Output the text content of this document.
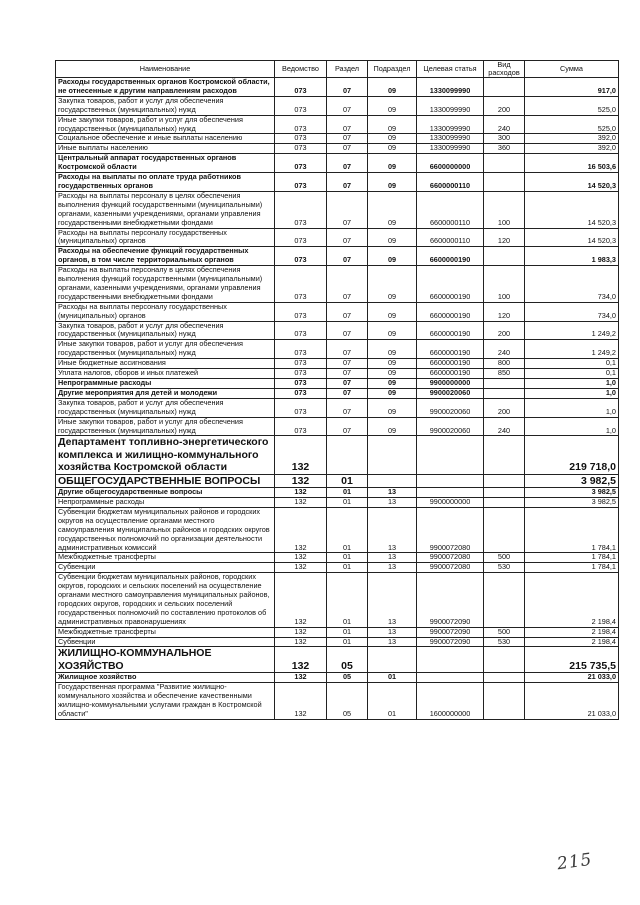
Наименование	Ведомство	Раздел	Подраздел	Целевая статья	Вид расходов	Сумма
Расходы государственных органов Костромской области, не отнесенные к другим направлениям расходов	073	07	09	1330099990		917,0
Закупка товаров, работ и услуг для обеспечения государственных (муниципальных) нужд	073	07	09	1330099990	200	525,0
Иные закупки товаров, работ и услуг для обеспечения государственных (муниципальных) нужд	073	07	09	1330099990	240	525,0
Социальное обеспечение и иные выплаты населению	073	07	09	1330099990	300	392,0
Иные выплаты населению	073	07	09	1330099990	360	392,0
Центральный аппарат государственных органов Костромской области	073	07	09	6600000000		16 503,6
Расходы на выплаты по оплате труда работников государственных органов	073	07	09	6600000110		14 520,3
Расходы на выплаты персоналу в целях обеспечения выполнения функций государственными (муниципальными) органами, казенными учреждениями, органами управления государственными внебюджетными фондами	073	07	09	6600000110	100	14 520,3
Расходы на выплаты персоналу государственных (муниципальных) органов	073	07	09	6600000110	120	14 520,3
Расходы на обеспечение функций государственных органов, в том числе территориальных органов	073	07	09	6600000190		1 983,3
Расходы на выплаты персоналу в целях обеспечения выполнения функций государственными (муниципальными) органами, казенными учреждениями, органами управления государственными внебюджетными фондами	073	07	09	6600000190	100	734,0
Расходы на выплаты персоналу государственных (муниципальных) органов	073	07	09	6600000190	120	734,0
Закупка товаров, работ и услуг для обеспечения государственных (муниципальных) нужд	073	07	09	6600000190	200	1 249,2
Иные закупки товаров, работ и услуг для обеспечения государственных (муниципальных) нужд	073	07	09	6600000190	240	1 249,2
Иные бюджетные ассигнования	073	07	09	6600000190	800	0,1
Уплата налогов, сборов и иных платежей	073	07	09	6600000190	850	0,1
Непрограммные расходы	073	07	09	9900000000		1,0
Другие мероприятия для детей и молодежи	073	07	09	9900020060		1,0
Закупка товаров, работ и услуг для обеспечения государственных (муниципальных) нужд	073	07	09	9900020060	200	1,0
Иные закупки товаров, работ и услуг для обеспечения государственных (муниципальных) нужд	073	07	09	9900020060	240	1,0
Департамент топливно-энергетического комплекса и жилищно-коммунального хозяйства Костромской области	132					219 718,0
ОБЩЕГОСУДАРСТВЕННЫЕ ВОПРОСЫ	132	01				3 982,5
Другие общегосударственные вопросы	132	01	13			3 982,5
Непрограммные расходы	132	01	13	9900000000		3 982,5
Субвенции бюджетам муниципальных районов и городских округов на осуществление органами местного самоуправления муниципальных районов и городских округов государственных полномочий по организации деятельности административных комиссий	132	01	13	9900072080		1 784,1
Межбюджетные трансферты	132	01	13	9900072080	500	1 784,1
Субвенции	132	01	13	9900072080	530	1 784,1
Субвенции бюджетам муниципальных районов, городских округов, городских и сельских поселений на осуществление органами местного самоуправления муниципальных районов, городских округов, городских и сельских поселений государственных полномочий по составлению протоколов об административных правонарушениях	132	01	13	9900072090		2 198,4
Межбюджетные трансферты	132	01	13	9900072090	500	2 198,4
Субвенции	132	01	13	9900072090	530	2 198,4
ЖИЛИЩНО-КОММУНАЛЬНОЕ ХОЗЯЙСТВО	132	05				215 735,5
Жилищное хозяйство	132	05	01			21 033,0
Государственная программа "Развитие жилищно-коммунального хозяйства и обеспечение качественными жилищно-коммунальными услугами граждан в Костромской области"	132	05	01	1600000000		21 033,0
215
